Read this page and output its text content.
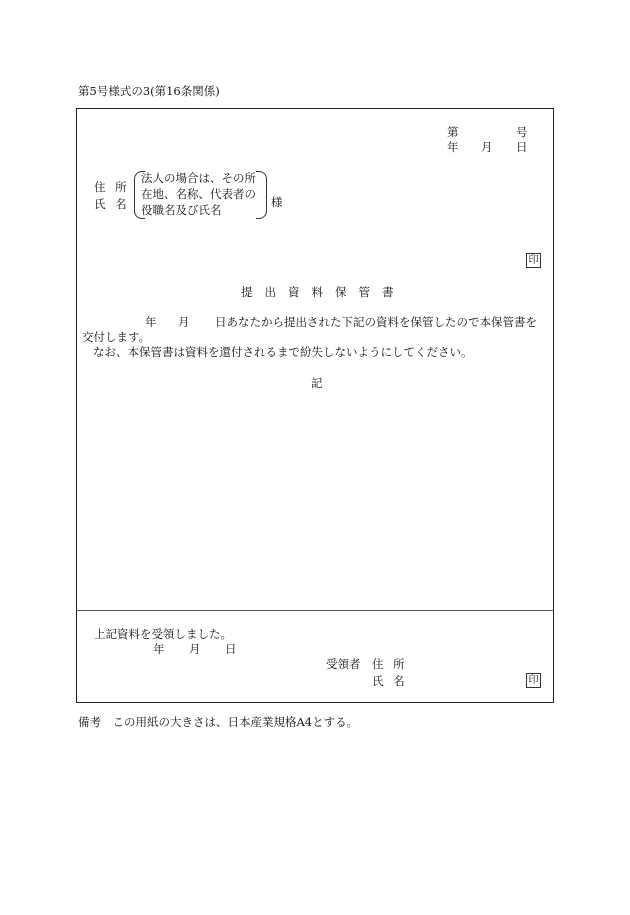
第5号様式の3(第16条関係)
第	号
年 月 日
住 所
氏 名
法人の場合は、その所
在地、名称、代表者の
役職名及び氏名
様
印
提出資料保管書
年 月 日あなたから提出された下記の資料を保管したので本保管書を
交付します。
なお、本保管書は資料を還付されるまで紛失しないようにしてください。
記
上記資料を受領しました。
年 月 日
受領者 住 所
氏 名	印
備考　この用紙の大きさは、日本産業規格A4とする。
